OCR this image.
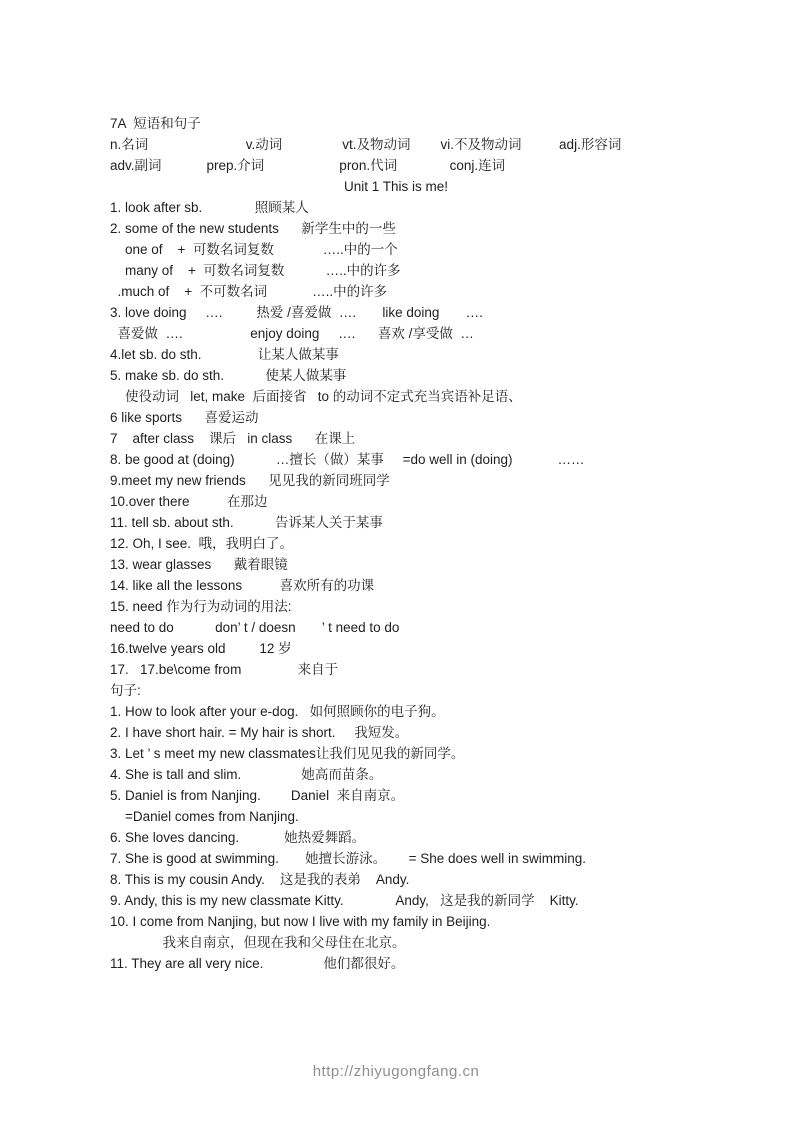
7A  短语和句子
n.名词                          v.动词                vt.及物动词        vi.不及物动词          adj.形容词
adv.副词            prep.介词                    pron.代词              conj.连词
Unit 1 This is me!
1. look after sb.              照顾某人
2. some of the new students      新学生中的一些
one of    +  可数名词复数             …..中的一个
many of    +  可数名词复数           …..中的许多
.much of    +  不可数名词            …..中的许多
3. love doing     ….         热爱 /喜爱做  ….       like doing       ….
喜爱做  ….                  enjoy doing     ….      喜欢 /享受做  …
4.let sb. do sth.               让某人做某事
5. make sb. do sth.           使某人做某事
使役动词   let, make  后面接省   to 的动词不定式充当宾语补足语、
6 like sports      喜爱运动
7    after class    课后   in class      在课上
8. be good at (doing)           …擅长（做）某事     =do well in (doing)            ……
9.meet my new friends      见见我的新同班同学
10.over there          在那边
11. tell sb. about sth.           告诉某人关于某事
12. Oh, I see.  哦，我明白了。
13. wear glasses      戴着眼镜
14. like all the lessons          喜欢所有的功课
15. need 作为行为动词的用法:
need to do           don’ t / doesn       ’ t need to do
16.twelve years old         12 岁
17.   17.be\come from               来自于
句子:
1. How to look after your e-dog.   如何照顾你的电子狗。
2. I have short hair. = My hair is short.     我短发。
3. Let ’ s meet my new classmates让我们见见我的新同学。
4. She is tall and slim.                她高而苗条。
5. Daniel is from Nanjing.        Daniel  来自南京。
=Daniel comes from Nanjing.
6. She loves dancing.            她热爱舞蹈。
7. She is good at swimming.       她擅长游泳。      = She does well in swimming.
8. This is my cousin Andy.    这是我的表弟    Andy.
9. Andy, this is my new classmate Kitty.              Andy,   这是我的新同学    Kitty.
10. I come from Nanjing, but now I live with my family in Beijing.
我来自南京，但现在我和父母住在北京。
11. They are all very nice.                他们都很好。
http://zhiyugongfang.cn
